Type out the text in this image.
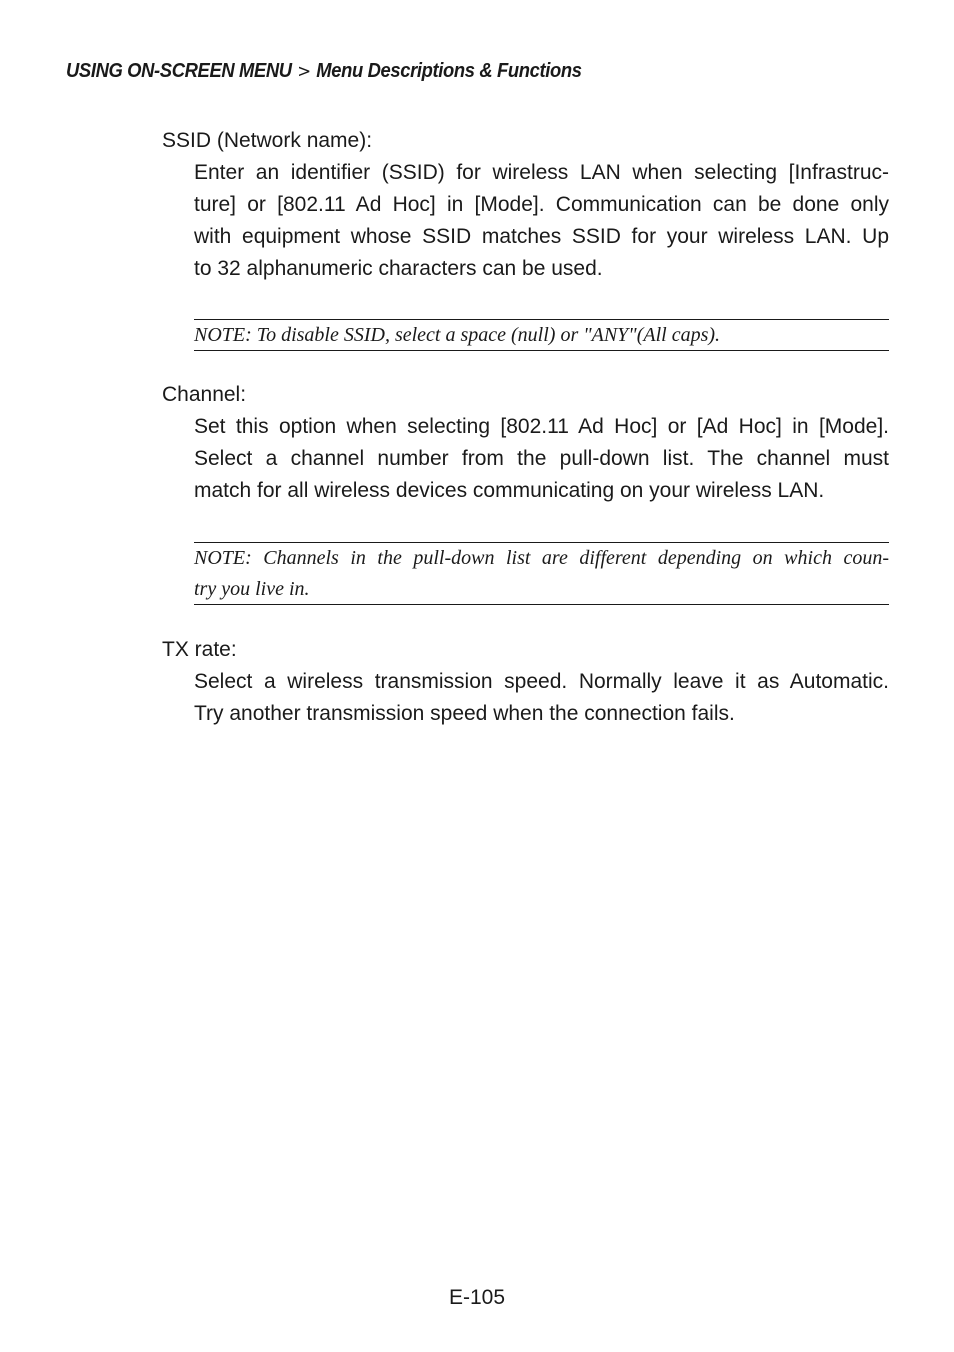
USING ON-SCREEN MENU > Menu Descriptions & Functions
SSID (Network name):
Enter an identifier (SSID) for wireless LAN when selecting [Infrastruc-
ture] or [802.11 Ad Hoc] in [Mode]. Communication can be done only
with equipment whose SSID matches SSID for your wireless LAN. Up
to 32 alphanumeric characters can be used.
NOTE: To disable SSID, select a space (null) or "ANY"(All caps).
Channel:
Set this option when selecting [802.11 Ad Hoc] or [Ad Hoc] in [Mode].
Select a channel number from the pull-down list. The channel must
match for all wireless devices communicating on your wireless LAN.
NOTE: Channels in the pull-down list are different depending on which coun-
try you live in.
TX rate:
Select a wireless transmission speed. Normally leave it as Automatic.
Try another transmission speed when the connection fails.
E-105
